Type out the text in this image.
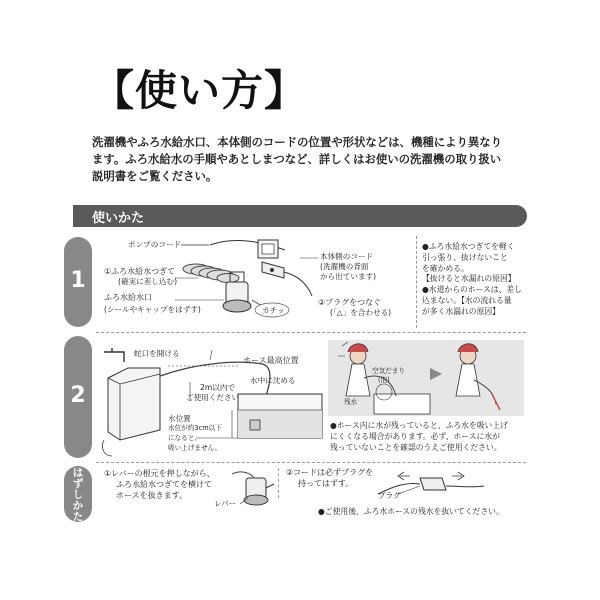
【使い方】
洗濯機やふろ水給水口、本体側のコードの位置や形状などは、機種により異なり
ます。ふろ水給水の手順やあとしまつなど、詳しくはお使いの洗濯機の取り扱い
説明書をご覧ください。
使いかた
1
2
は
ず
し
か
た
ポンプのコード
①ふろ水給水つぎて
(確実に差し込む)
ふろ水給水口
(シールやキャップをはずす)	カチッ
本体側のコード
(洗濯機の背面
から出ています)
②プラグをつなぐ
(「△」を合わせる)
●ふろ水給水つぎてを軽く
引っ張り、抜けないこと
を確かめる。
【抜けると水漏れの原因】
●水道からのホースは、差し
込まない。【水の流れる量
が多く水漏れの原因】
蛇口を開ける
ホース最高位置
2m以内で
ご使用ください
水中に沈める
水位置
水位が約3cm以下
になると、
吸い上げません。
空気だまり
(泡)
残水
●ホース内に水が残っていると、ふろ水を吸い上げ
にくくなる場合があります。必ず、ホースに水が
残っていないことを確認のうえご使用ください。
①レバーの根元を押しながら、
ふろ水給水つぎてを横けて
ホースを抜きます。
レバー
②コードは必ずプラグを
持ってはずす。
プラグ
●ご使用後、ふろ水ホースの残水を抜いてください。
